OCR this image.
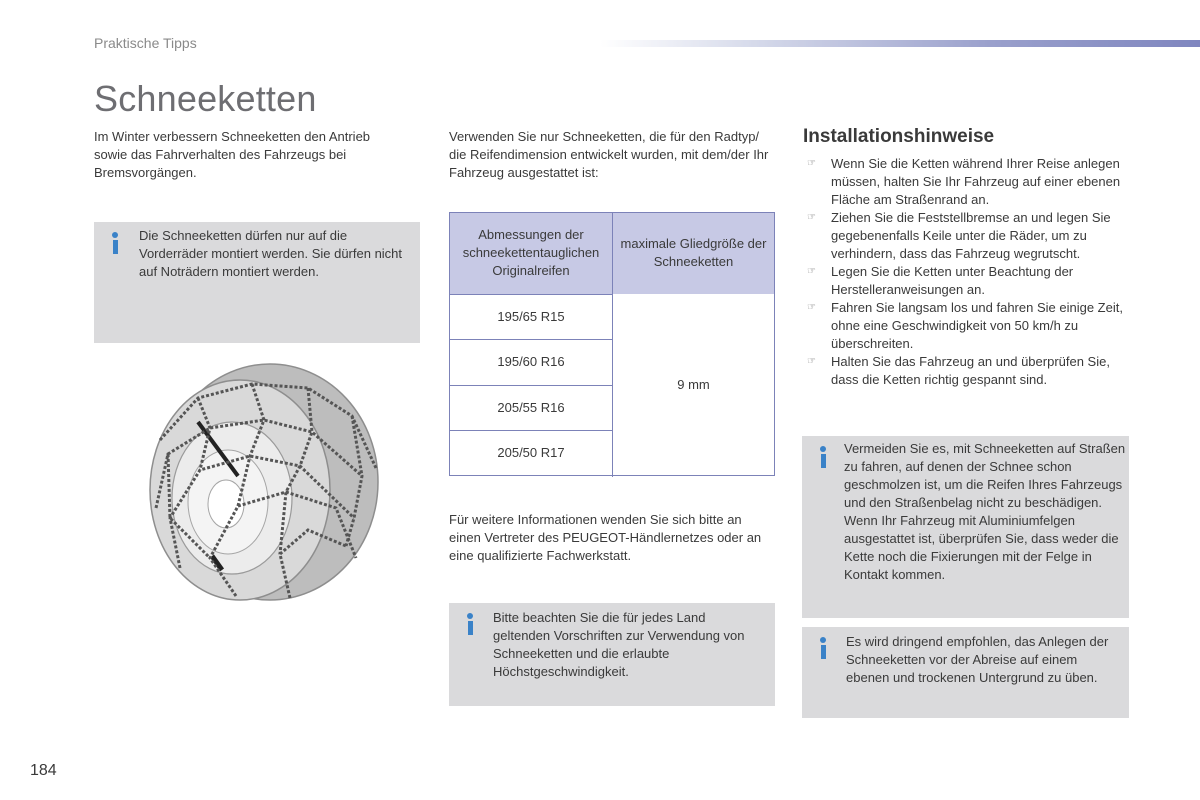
Praktische Tipps
Schneeketten
Im Winter verbessern Schneeketten den Antrieb sowie das Fahrverhalten des Fahrzeugs bei Bremsvorgängen.
Die Schneeketten dürfen nur auf die Vorderräder montiert werden. Sie dürfen nicht auf Noträdern montiert werden.
Verwenden Sie nur Schneeketten, die für den Radtyp/ die Reifendimension entwickelt wurden, mit dem/der Ihr Fahrzeug ausgestattet ist:
Abmessungen der schneekettentauglichen Originalreifen
maximale Gliedgröße der Schneeketten
195/65 R15
195/60 R16
205/55 R16
205/50 R17
9 mm
Für weitere Informationen wenden Sie sich bitte an einen Vertreter des PEUGEOT-Händlernetzes oder an eine qualifizierte Fachwerkstatt.
Bitte beachten Sie die für jedes Land geltenden Vorschriften zur Verwendung von Schneeketten und die erlaubte Höchstgeschwindigkeit.
Installationshinweise
☞ Wenn Sie die Ketten während Ihrer Reise anlegen müssen, halten Sie Ihr Fahrzeug auf einer ebenen Fläche am Straßenrand an.
☞ Ziehen Sie die Feststellbremse an und legen Sie gegebenenfalls Keile unter die Räder, um zu verhindern, dass das Fahrzeug wegrutscht.
☞ Legen Sie die Ketten unter Beachtung der Herstelleranweisungen an.
☞ Fahren Sie langsam los und fahren Sie einige Zeit, ohne eine Geschwindigkeit von 50 km/h zu überschreiten.
☞ Halten Sie das Fahrzeug an und überprüfen Sie, dass die Ketten richtig gespannt sind.
Vermeiden Sie es, mit Schneeketten auf Straßen zu fahren, auf denen der Schnee schon geschmolzen ist, um die Reifen Ihres Fahrzeugs und den Straßenbelag nicht zu beschädigen. Wenn Ihr Fahrzeug mit Aluminiumfelgen ausgestattet ist, überprüfen Sie, dass weder die Kette noch die Fixierungen mit der Felge in Kontakt kommen.
Es wird dringend empfohlen, das Anlegen der Schneeketten vor der Abreise auf einem ebenen und trockenen Untergrund zu üben.
184
